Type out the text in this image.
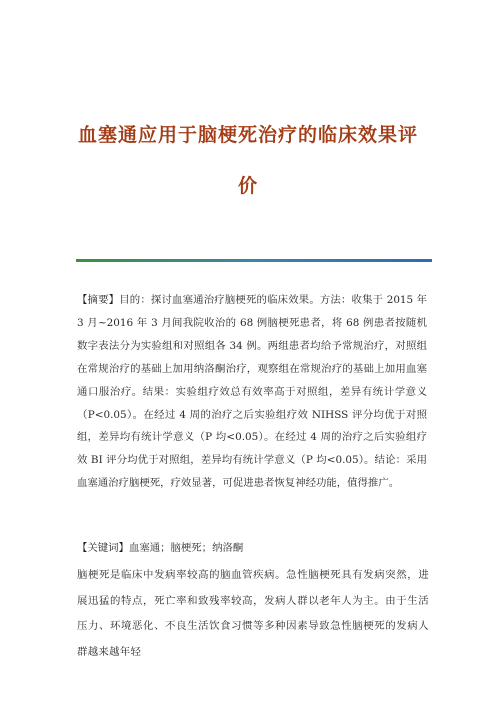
血塞通应用于脑梗死治疗的临床效果评
价

【摘要】目的：探讨血塞通治疗脑梗死的临床效果。方法：收集于 2015 年 3 月~2016 年 3 月间我院收治的 68 例脑梗死患者，将 68 例患者按随机数字表法分为实验组和对照组各 34 例。两组患者均给予常规治疗，对照组在常规治疗的基础上加用纳洛酮治疗，观察组在常规治疗的基础上加用血塞通口服治疗。结果：实验组疗效总有效率高于对照组，差异有统计学意义（P<0.05）。在经过 4 周的治疗之后实验组疗效 NIHSS 评分均优于对照组，差异均有统计学意义（P 均<0.05）。在经过 4 周的治疗之后实验组疗效 BI 评分均优于对照组，差异均有统计学意义（P 均<0.05）。结论：采用血塞通治疗脑梗死，疗效显著，可促进患者恢复神经功能，值得推广。

【关键词】血塞通；脑梗死；纳洛酮

脑梗死是临床中发病率较高的脑血管疾病。急性脑梗死具有发病突然，进展迅猛的特点，死亡率和致残率较高，发病人群以老年人为主。由于生活压力、环境恶化、不良生活饮食习惯等多种因素导致急性脑梗死的发病人群越来越年轻
